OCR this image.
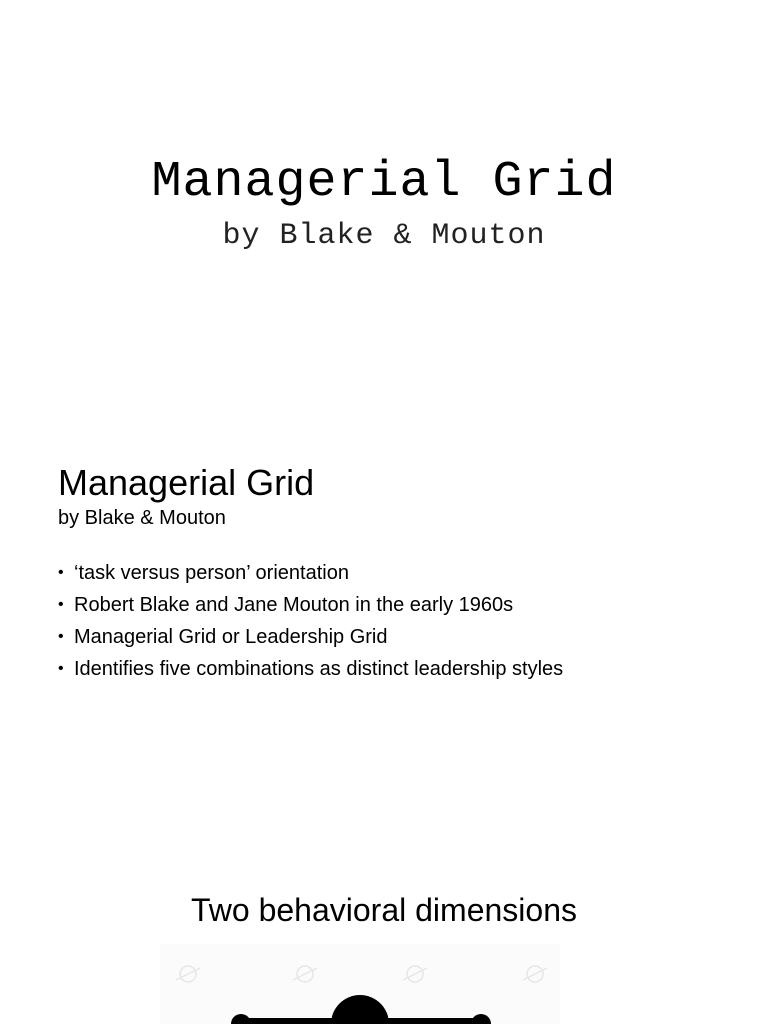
Managerial Grid
by Blake & Mouton
Managerial Grid
by Blake & Mouton
• ‘task versus person’ orientation
• Robert Blake and Jane Mouton in the early 1960s
• Managerial Grid or Leadership Grid
• Identifies five combinations as distinct leadership styles
Two behavioral dimensions
